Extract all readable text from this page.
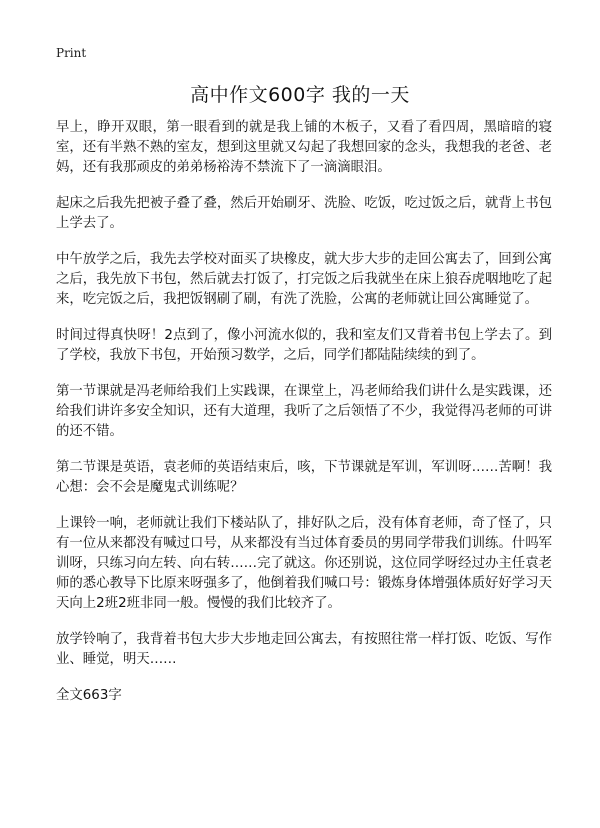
Print
高中作文600字 我的一天

早上，睁开双眼，第一眼看到的就是我上铺的木板子，又看了看四周，黑暗暗的寝室，还有半熟不熟的室友，想到这里就又勾起了我想回家的念头，我想我的老爸、老妈，还有我那顽皮的弟弟杨裕涛不禁流下了一滴滴眼泪。

起床之后我先把被子叠了叠，然后开始刷牙、洗脸、吃饭，吃过饭之后，就背上书包上学去了。

中午放学之后，我先去学校对面买了块橡皮，就大步大步的走回公寓去了，回到公寓之后，我先放下书包，然后就去打饭了，打完饭之后我就坐在床上狼吞虎咽地吃了起来，吃完饭之后，我把饭钢刷了刷，有洗了洗脸，公寓的老师就让回公寓睡觉了。

时间过得真快呀！2点到了，像小河流水似的，我和室友们又背着书包上学去了。到了学校，我放下书包，开始预习数学，之后，同学们都陆陆续续的到了。

第一节课就是冯老师给我们上实践课，在课堂上，冯老师给我们讲什么是实践课，还给我们讲许多安全知识，还有大道理，我听了之后领悟了不少，我觉得冯老师的可讲的还不错。

第二节课是英语，袁老师的英语结束后，咳，下节课就是军训，军训呀……苦啊！我心想：会不会是魔鬼式训练呢？

上课铃一响，老师就让我们下楼站队了，排好队之后，没有体育老师，奇了怪了，只有一位从来都没有喊过口号，从来都没有当过体育委员的男同学带我们训练。什吗军训呀，只练习向左转、向右转……完了就这。你还别说，这位同学呀经过办主任袁老师的悉心教导下比原来呀强多了，他倒着我们喊口号：锻炼身体增强体质好好学习天天向上2班2班非同一般。慢慢的我们比较齐了。

放学铃响了，我背着书包大步大步地走回公寓去，有按照往常一样打饭、吃饭、写作业、睡觉，明天……

全文663字
